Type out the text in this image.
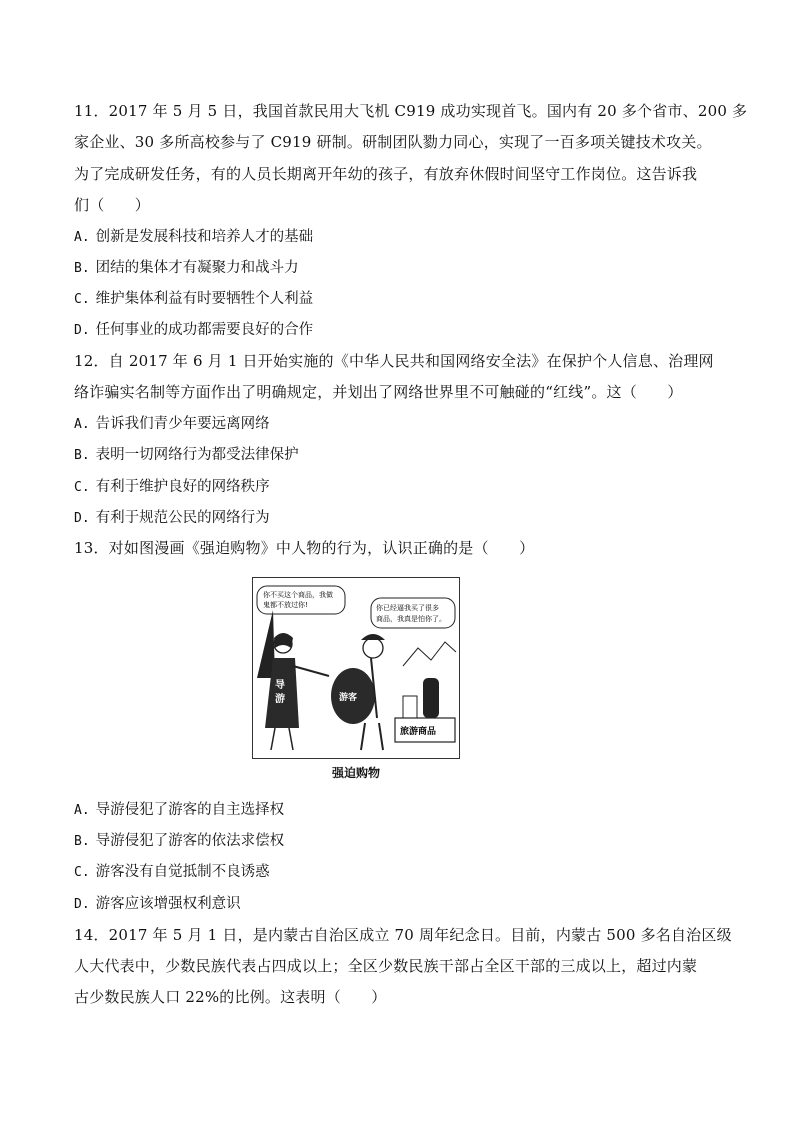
11．2017 年 5 月 5 日，我国首款民用大飞机 C919 成功实现首飞。国内有 20 多个省市、200 多
家企业、30 多所高校参与了 C919 研制。研制团队勠力同心，实现了一百多项关键技术攻关。
为了完成研发任务，有的人员长期离开年幼的孩子，有放弃休假时间坚守工作岗位。这告诉我
们（　　）
A. 创新是发展科技和培养人才的基础
B. 团结的集体才有凝聚力和战斗力
C. 维护集体利益有时要牺牲个人利益
D. 任何事业的成功都需要良好的合作
12．自 2017 年 6 月 1 日开始实施的《中华人民共和国网络安全法》在保护个人信息、治理网
络诈骗实名制等方面作出了明确规定，并划出了网络世界里不可触碰的“红线”。这（　　）
A. 告诉我们青少年要远离网络
B. 表明一切网络行为都受法律保护
C. 有利于维护良好的网络秩序
D. 有利于规范公民的网络行为
13．对如图漫画《强迫购物》中人物的行为，认识正确的是（　　）
你不买这个商品，我做
鬼都不放过你!	你已经逼我买了很多
商品，我真是怕你了。
导
游	游客
旅游商品
强迫购物
A. 导游侵犯了游客的自主选择权
B. 导游侵犯了游客的依法求偿权
C. 游客没有自觉抵制不良诱惑
D. 游客应该增强权利意识
14．2017 年 5 月 1 日，是内蒙古自治区成立 70 周年纪念日。目前，内蒙古 500 多名自治区级
人大代表中，少数民族代表占四成以上；全区少数民族干部占全区干部的三成以上，超过内蒙
古少数民族人口 22%的比例。这表明（　　）
